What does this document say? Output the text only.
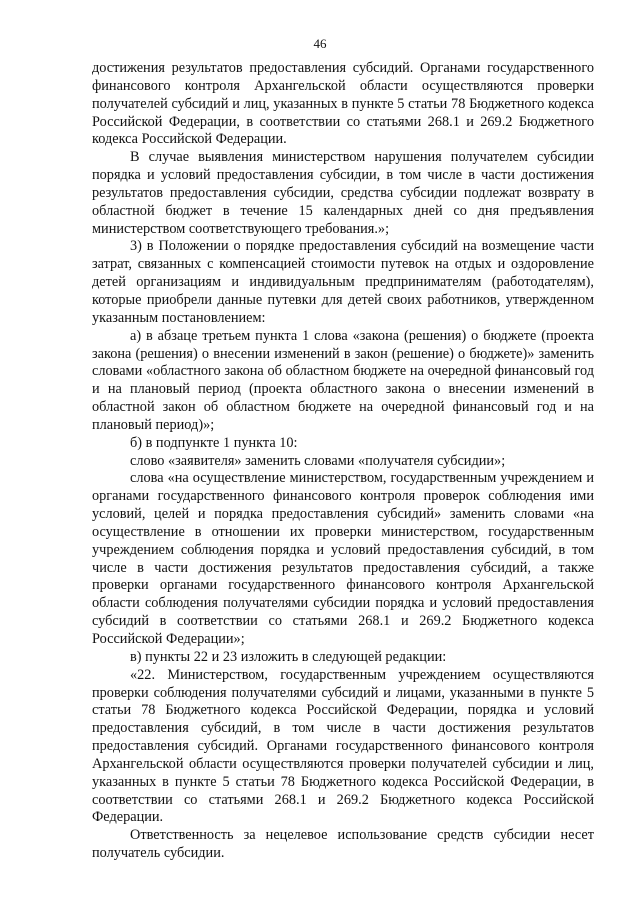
46

достижения результатов предоставления субсидий. Органами государственного финансового контроля Архангельской области осуществляются проверки получателей субсидий и лиц, указанных в пункте 5 статьи 78 Бюджетного кодекса Российской Федерации, в соответствии со статьями 268.1 и 269.2 Бюджетного кодекса Российской Федерации.

В случае выявления министерством нарушения получателем субсидии порядка и условий предоставления субсидии, в том числе в части достижения результатов предоставления субсидии, средства субсидии подлежат возврату в областной бюджет в течение 15 календарных дней со дня предъявления министерством соответствующего требования.»;

3) в Положении о порядке предоставления субсидий на возмещение части затрат, связанных с компенсацией стоимости путевок на отдых и оздоровление детей организациям и индивидуальным предпринимателям (работодателям), которые приобрели данные путевки для детей своих работников, утвержденном указанным постановлением:

а) в абзаце третьем пункта 1 слова «закона (решения) о бюджете (проекта закона (решения) о внесении изменений в закон (решение) о бюджете)» заменить словами «областного закона об областном бюджете на очередной финансовый год и на плановый период (проекта областного закона о внесении изменений в областной закон об областном бюджете на очередной финансовый год и на плановый период)»;

б) в подпункте 1 пункта 10:

слово «заявителя» заменить словами «получателя субсидии»;

слова «на осуществление министерством, государственным учреждением и органами государственного финансового контроля проверок соблюдения ими условий, целей и порядка предоставления субсидий» заменить словами «на осуществление в отношении их проверки министерством, государственным учреждением соблюдения порядка и условий предоставления субсидий, в том числе в части достижения результатов предоставления субсидий, а также проверки органами государственного финансового контроля Архангельской области соблюдения получателями субсидии порядка и условий предоставления субсидий в соответствии со статьями 268.1 и 269.2 Бюджетного кодекса Российской Федерации»;

в) пункты 22 и 23 изложить в следующей редакции:

«22. Министерством, государственным учреждением осуществляются проверки соблюдения получателями субсидий и лицами, указанными в пункте 5 статьи 78 Бюджетного кодекса Российской Федерации, порядка и условий предоставления субсидий, в том числе в части достижения результатов предоставления субсидий. Органами государственного финансового контроля Архангельской области осуществляются проверки получателей субсидии и лиц, указанных в пункте 5 статьи 78 Бюджетного кодекса Российской Федерации, в соответствии со статьями 268.1 и 269.2 Бюджетного кодекса Российской Федерации.

Ответственность за нецелевое использование средств субсидии несет получатель субсидии.
